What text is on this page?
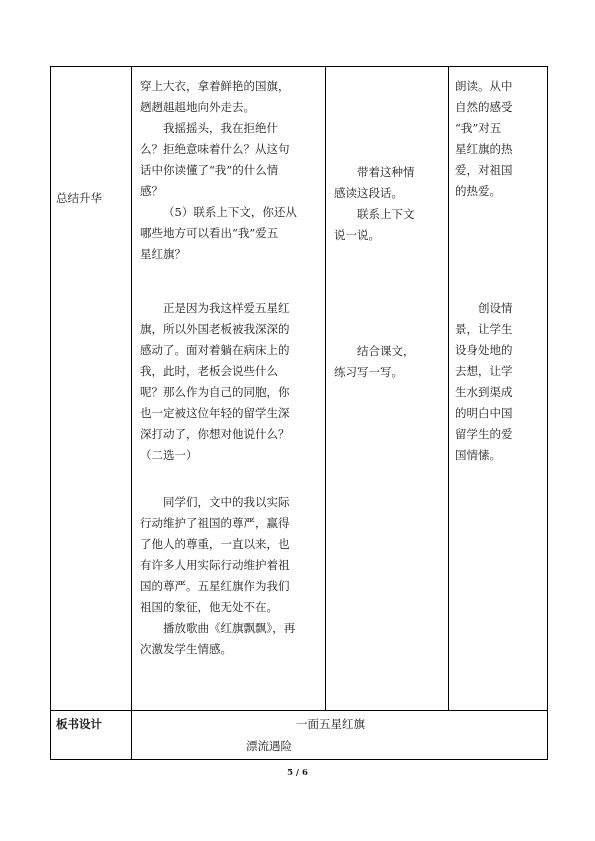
总结升华

穿上大衣，拿着鲜艳的国旗，

趔趔趄趄地向外走去。

我摇摇头，我在拒绝什

么？拒绝意味着什么？从这句

话中你读懂了“我”的什么情

感？

（5）联系上下文，你还从

哪些地方可以看出“我”爱五

星红旗？

正是因为我这样爱五星红

旗，所以外国老板被我深深的

感动了。面对着躺在病床上的

我，此时，老板会说些什么

呢？那么作为自己的同胞，你

也一定被这位年轻的留学生深

深打动了，你想对他说什么？

（二选一）

同学们，文中的我以实际

行动维护了祖国的尊严，赢得

了他人的尊重，一直以来，也

有许多人用实际行动维护着祖

国的尊严。五星红旗作为我们

祖国的象征，他无处不在。

播放歌曲《红旗飘飘》，再

次激发学生情感。

带着这种情

感读这段话。

联系上下文

说一说。

结合课文，

练习写一写。

朗读。从中

自然的感受

“我”对五

星红旗的热

爱，对祖国

的热爱。

创设情

景，让学生

设身处地的

去想，让学

生水到渠成

的明白中国

留学生的爱

国情愫。

板书设计	一面五星红旗
漂流遇险
5 / 6
